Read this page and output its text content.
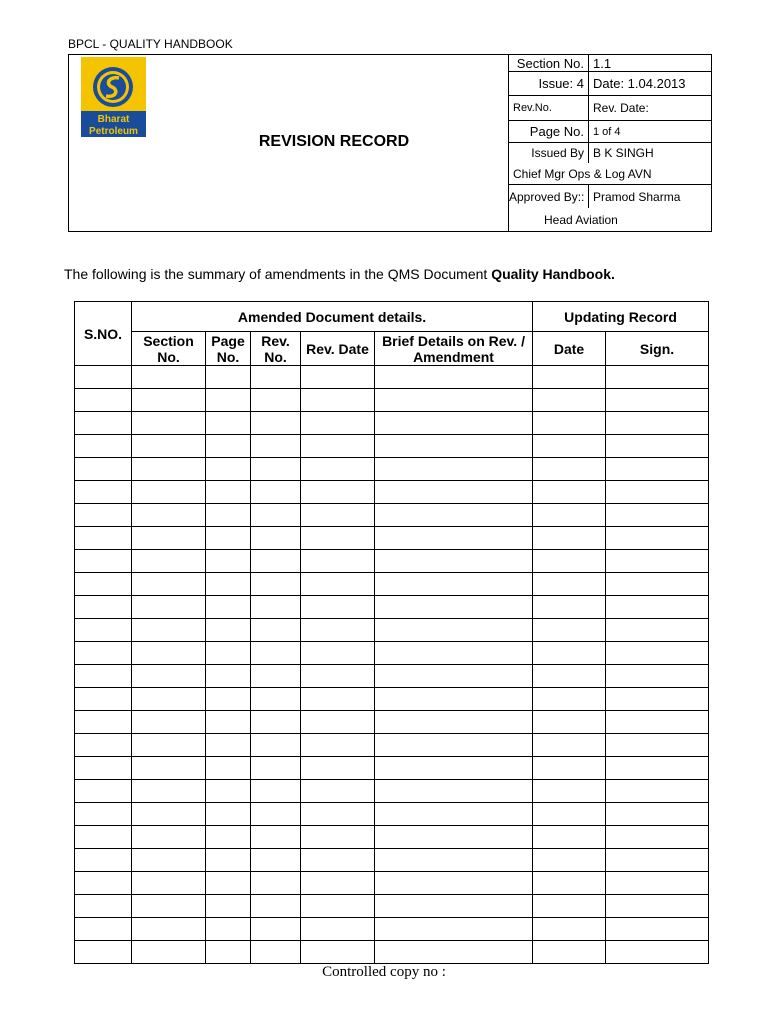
BPCL - QUALITY HANDBOOK
Bharat
Petroleum
REVISION RECORD
Section No. 1.1
Issue: 4 Date: 1.04.2013
Rev.No.	Rev. Date:
Page No. 1 of 4
Issued By B K SINGH
Chief Mgr Ops & Log AVN
Approved By:: Pramod Sharma
Head Aviation
The following is the summary of amendments in the QMS Document Quality Handbook.
S.NO.	Amended Document details.					Updating Record	
	Section No.	Page No.	Rev. No.	Rev. Date	Brief Details on Rev. / Amendment	Date	Sign.

Controlled copy no :
